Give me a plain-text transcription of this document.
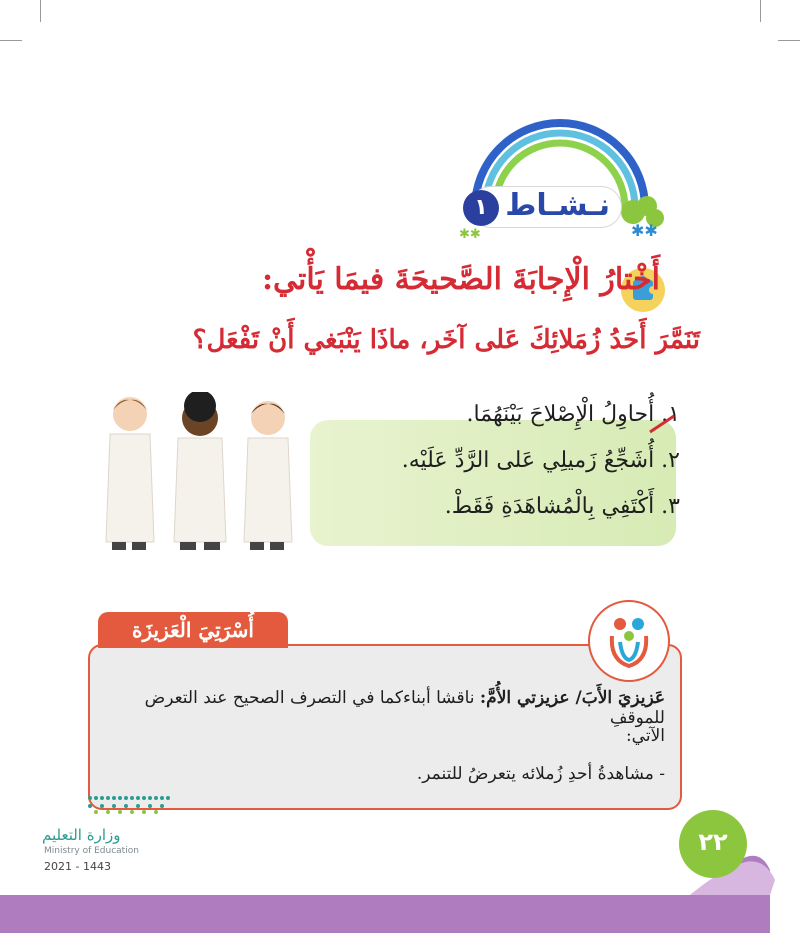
✱✱
✱✱
نـشـاط
١
أَخْتارُ الْإِجابَةَ الصَّحيحَةَ فيمَا يَأْتي:
تَنَمَّرَ أَحَدُ زُمَلائِكَ عَلى آخَر، ماذَا يَنْبَغي أَنْ تَفْعَل؟
١. أُحاوِلُ الْإِصْلاحَ بَيْنَهُمَا.
٢. أُشَجِّعُ زَميلِي عَلى الرَّدِّ عَلَيْه.
٣. أَكْتَفِي بِالْمُشاهَدَةِ فَقَطْ.
أُسْرَتِيَ الْعَزيزَة
عَزيزيَ الأَبَ/ عزيزتي الأُمَّ: ناقشا أبناءكما في التصرف الصحيح عند التعرض للموقفِ
الآتي:
- مشاهدةُ أحدِ زُملائه يتعرضُ للتنمر.
وزارة التعليم
Ministry of Education
2021 - 1443
٢٢
